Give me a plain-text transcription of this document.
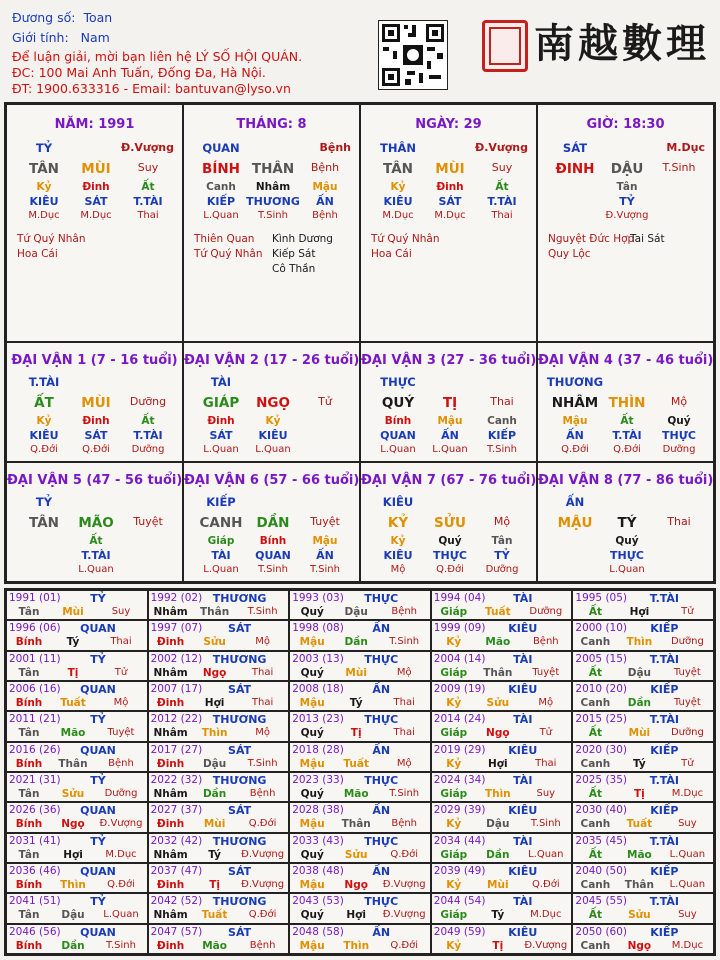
Đương số: Toan
Giới tính: Nam
Để luận giải, mời bạn liên hệ LÝ SỐ HỘI QUÁN.
ĐC: 100 Mai Anh Tuấn, Đống Đa, Hà Nội.
ĐT: 1900.633316 - Email: bantuvan@lyso.vn
南越數理
NĂM: 1991
TỶ	Đ.Vượng
TÂN	MÙI	Suy
Kỷ
KIÊU
M.Dục
Đinh
SÁT
M.Dục
Ất
T.TÀI
Thai
Tứ Quý Nhân
Hoa Cái
THÁNG: 8
QUAN	Bệnh
BÍNH THÂN	Bệnh
Canh
KIẾP
L.Quan
Nhâm
THƯƠNG
T.Sinh
Mậu
ẤN
Bệnh
Thiên Quan
Tứ Quý Nhân
Kình Dương
Kiếp Sát
Cô Thần
NGÀY: 29
THÂN	Đ.Vượng
TÂN	MÙI	Suy
Kỷ
KIÊU
M.Dục
Đinh
SÁT
M.Dục
Ất
T.TÀI
Thai
Tứ Quý Nhân
Hoa Cái
GIỜ: 18:30
SÁT	M.Dục
ĐINH	DẬU	T.Sinh
Tân
TỶ
Đ.Vượng
Nguyệt Đức Hợp
Quy Lộc
Tai Sát
ĐẠI VẬN 1 (7 - 16 tuổi)
T.TÀI
ẤT	MÙI	Dưỡng
Kỷ
KIÊU
Q.Đới
Đinh
SÁT
Q.Đới
Ất
T.TÀI
Dưỡng
ĐẠI VẬN 2 (17 - 26 tuổi)
TÀI
GIÁP	NGỌ	Tử
Đinh
SÁT
L.Quan
Kỷ
KIÊU
L.Quan
ĐẠI VẬN 3 (27 - 36 tuổi)
THỰC
QUÝ	TỊ	Thai
Bính
QUAN
L.Quan
Mậu
ẤN
L.Quan
Canh
KIẾP
T.Sinh
ĐẠI VẬN 4 (37 - 46 tuổi)
THƯƠNG
NHÂM THÌN	Mộ
Mậu
ẤN
Q.Đới
Ất
T.TÀI
Q.Đới
Quý
THỰC
Dưỡng
ĐẠI VẬN 5 (47 - 56 tuổi)
TỶ
TÂN	MÃO	Tuyệt
Ất
T.TÀI
L.Quan
ĐẠI VẬN 6 (57 - 66 tuổi)
KIẾP
CANH	DẦN	Tuyệt
Giáp
TÀI
L.Quan
Bính
QUAN
T.Sinh
Mậu
ẤN
T.Sinh
ĐẠI VẬN 7 (67 - 76 tuổi)
KIÊU
KỶ	SỬU	Mộ
Kỷ
KIÊU
Mộ
Quý
THỰC
Q.Đới
Tân
TỶ
Dưỡng
ĐẠI VẬN 8 (77 - 86 tuổi)
ẤN
MẬU	TÝ	Thai
Quý
THỰC
L.Quan
1991 (01)	TỶ
Tân	Mùi	Suy
1992 (02) THƯƠNG
Nhâm	Thân	T.Sinh
1993 (03)	THỰC
Quý	Dậu	Bệnh
1994 (04)	TÀI
Giáp	Tuất	Dưỡng
1995 (05)	T.TÀI
Ất	Hợi	Tử
1996 (06)	QUAN
Bính	Tý	Thai
1997 (07)	SÁT
Đinh	Sửu	Mộ
1998 (08)	ẤN
Mậu	Dần	T.Sinh
1999 (09)	KIÊU
Kỷ	Mão	Bệnh
2000 (10)	KIẾP
Canh	Thìn	Dưỡng
2001 (11)	TỶ
Tân	Tị	Tử
2002 (12) THƯƠNG
Nhâm	Ngọ	Thai
2003 (13)	THỰC
Quý	Mùi	Mộ
2004 (14)	TÀI
Giáp	Thân	Tuyệt
2005 (15)	T.TÀI
Ất	Dậu	Tuyệt
2006 (16)	QUAN
Bính	Tuất	Mộ
2007 (17)	SÁT
Đinh	Hợi	Thai
2008 (18)	ẤN
Mậu	Tý	Thai
2009 (19)	KIÊU
Kỷ	Sửu	Mộ
2010 (20)	KIẾP
Canh	Dần	Tuyệt
2011 (21)	TỶ
Tân	Mão	Tuyệt
2012 (22) THƯƠNG
Nhâm	Thìn	Mộ
2013 (23)	THỰC
Quý	Tị	Thai
2014 (24)	TÀI
Giáp	Ngọ	Tử
2015 (25)	T.TÀI
Ất	Mùi	Dưỡng
2016 (26)	QUAN
Bính	Thân	Bệnh
2017 (27)	SÁT
Đinh	Dậu	T.Sinh
2018 (28)	ẤN
Mậu	Tuất	Mộ
2019 (29)	KIÊU
Kỷ	Hợi	Thai
2020 (30)	KIẾP
Canh	Tý	Tử
2021 (31)	TỶ
Tân	Sửu	Dưỡng
2022 (32) THƯƠNG
Nhâm	Dần	Bệnh
2023 (33)	THỰC
Quý	Mão	T.Sinh
2024 (34)	TÀI
Giáp	Thìn	Suy
2025 (35)	T.TÀI
Ất	Tị	M.Dục
2026 (36)	QUAN
Bính	Ngọ	Đ.Vượng
2027 (37)	SÁT
Đinh	Mùi	Q.Đới
2028 (38)	ẤN
Mậu	Thân	Bệnh
2029 (39)	KIÊU
Kỷ	Dậu	T.Sinh
2030 (40)	KIẾP
Canh	Tuất	Suy
2031 (41)	TỶ
Tân	Hợi	M.Dục
2032 (42) THƯƠNG
Nhâm	Tý	Đ.Vượng
2033 (43)	THỰC
Quý	Sửu	Q.Đới
2034 (44)	TÀI
Giáp	Dần	L.Quan
2035 (45)	T.TÀI
Ất	Mão	L.Quan
2036 (46)	QUAN
Bính	Thìn	Q.Đới
2037 (47)	SÁT
Đinh	Tị	Đ.Vượng
2038 (48)	ẤN
Mậu	Ngọ	Đ.Vượng
2039 (49)	KIÊU
Kỷ	Mùi	Q.Đới
2040 (50)	KIẾP
Canh	Thân	L.Quan
2041 (51)	TỶ
Tân	Dậu	L.Quan
2042 (52) THƯƠNG
Nhâm	Tuất	Q.Đới
2043 (53)	THỰC
Quý	Hợi	Đ.Vượng
2044 (54)	TÀI
Giáp	Tý	M.Dục
2045 (55)	T.TÀI
Ất	Sửu	Suy
2046 (56)	QUAN
Bính	Dần	T.Sinh
2047 (57)	SÁT
Đinh	Mão	Bệnh
2048 (58)	ẤN
Mậu	Thìn	Q.Đới
2049 (59)	KIÊU
Kỷ	Tị	Đ.Vượng
2050 (60)	KIẾP
Canh	Ngọ	M.Dục
